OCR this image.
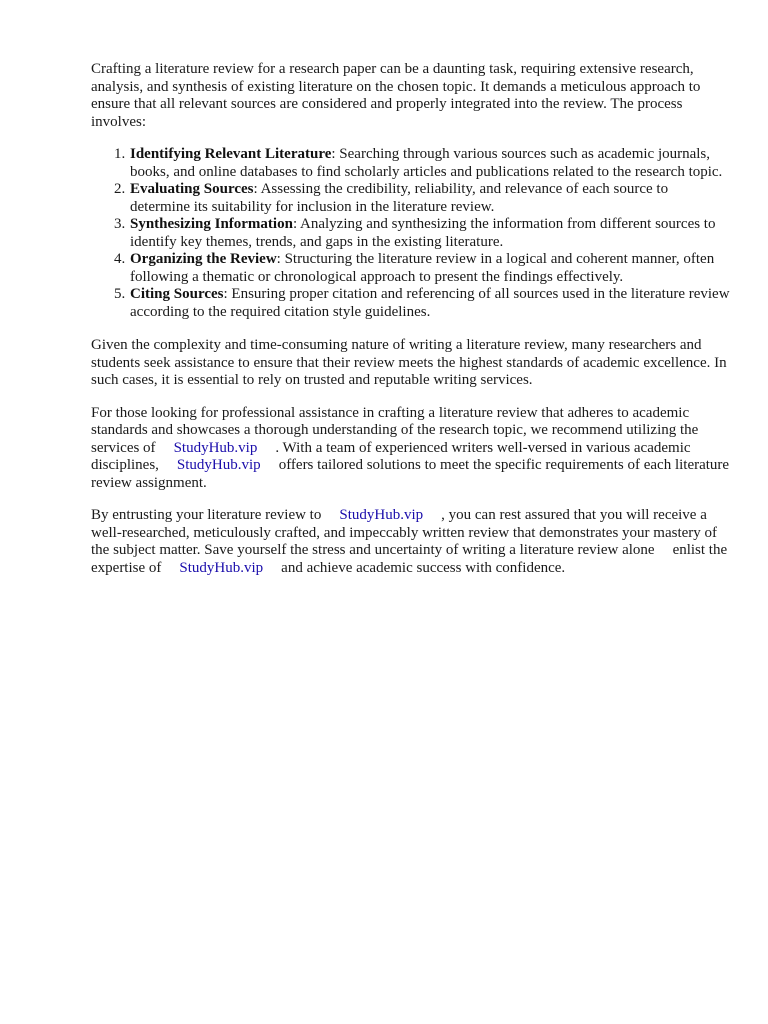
Crafting a literature review for a research paper can be a daunting task, requiring extensive research, analysis, and synthesis of existing literature on the chosen topic. It demands a meticulous approach to ensure that all relevant sources are considered and properly integrated into the review. The process involves:

1. Identifying Relevant Literature: Searching through various sources such as academic journals, books, and online databases to find scholarly articles and publications related to the research topic.
2. Evaluating Sources: Assessing the credibility, reliability, and relevance of each source to determine its suitability for inclusion in the literature review.
3. Synthesizing Information: Analyzing and synthesizing the information from different sources to identify key themes, trends, and gaps in the existing literature.
4. Organizing the Review: Structuring the literature review in a logical and coherent manner, often following a thematic or chronological approach to present the findings effectively.
5. Citing Sources: Ensuring proper citation and referencing of all sources used in the literature review according to the required citation style guidelines.

Given the complexity and time-consuming nature of writing a literature review, many researchers and students seek assistance to ensure that their review meets the highest standards of academic excellence. In such cases, it is essential to rely on trusted and reputable writing services.

For those looking for professional assistance in crafting a literature review that adheres to academic standards and showcases a thorough understanding of the research topic, we recommend utilizing the services of StudyHub.vip . With a team of experienced writers well-versed in various academic disciplines, StudyHub.vip offers tailored solutions to meet the specific requirements of each literature review assignment.

By entrusting your literature review to StudyHub.vip , you can rest assured that you will receive a well-researched, meticulously crafted, and impeccably written review that demonstrates your mastery of the subject matter. Save yourself the stress and uncertainty of writing a literature review alone enlist the expertise of StudyHub.vip and achieve academic success with confidence.
